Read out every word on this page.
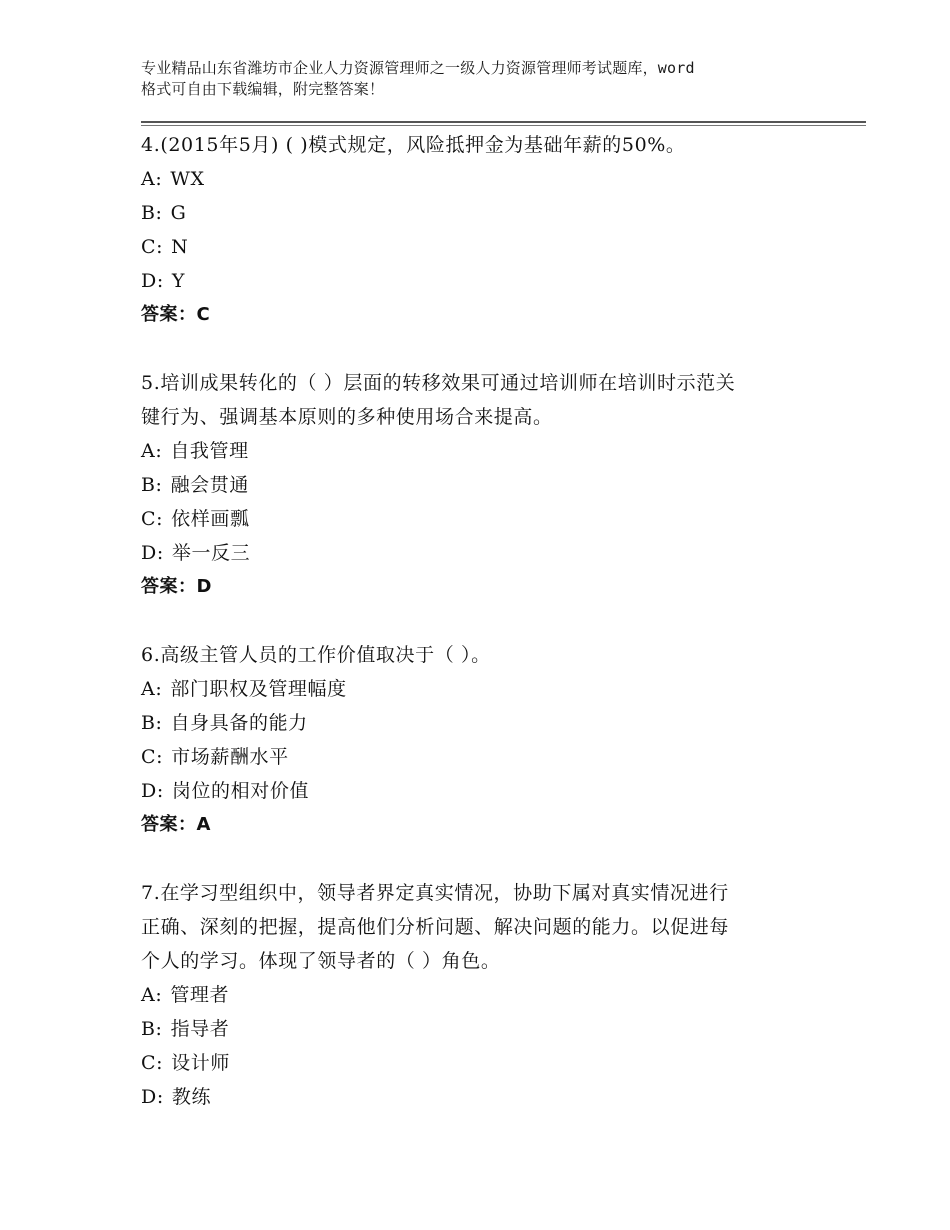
专业精品山东省潍坊市企业人力资源管理师之一级人力资源管理师考试题库，word
格式可自由下载编辑，附完整答案！
4.(2015年5月) ( )模式规定，风险抵押金为基础年薪的50%。
A: WX
B: G
C: N
D: Y
答案：C
5.培训成果转化的（ ）层面的转移效果可通过培训师在培训时示范关
键行为、强调基本原则的多种使用场合来提高。
A: 自我管理
B: 融会贯通
C: 依样画瓢
D: 举一反三
答案：D
6.高级主管人员的工作价值取决于（ ）。
A: 部门职权及管理幅度
B: 自身具备的能力
C: 市场薪酬水平
D: 岗位的相对价值
答案：A
7.在学习型组织中，领导者界定真实情况，协助下属对真实情况进行
正确、深刻的把握，提高他们分析问题、解决问题的能力。以促进每
个人的学习。体现了领导者的（ ）角色。
A: 管理者
B: 指导者
C: 设计师
D: 教练
